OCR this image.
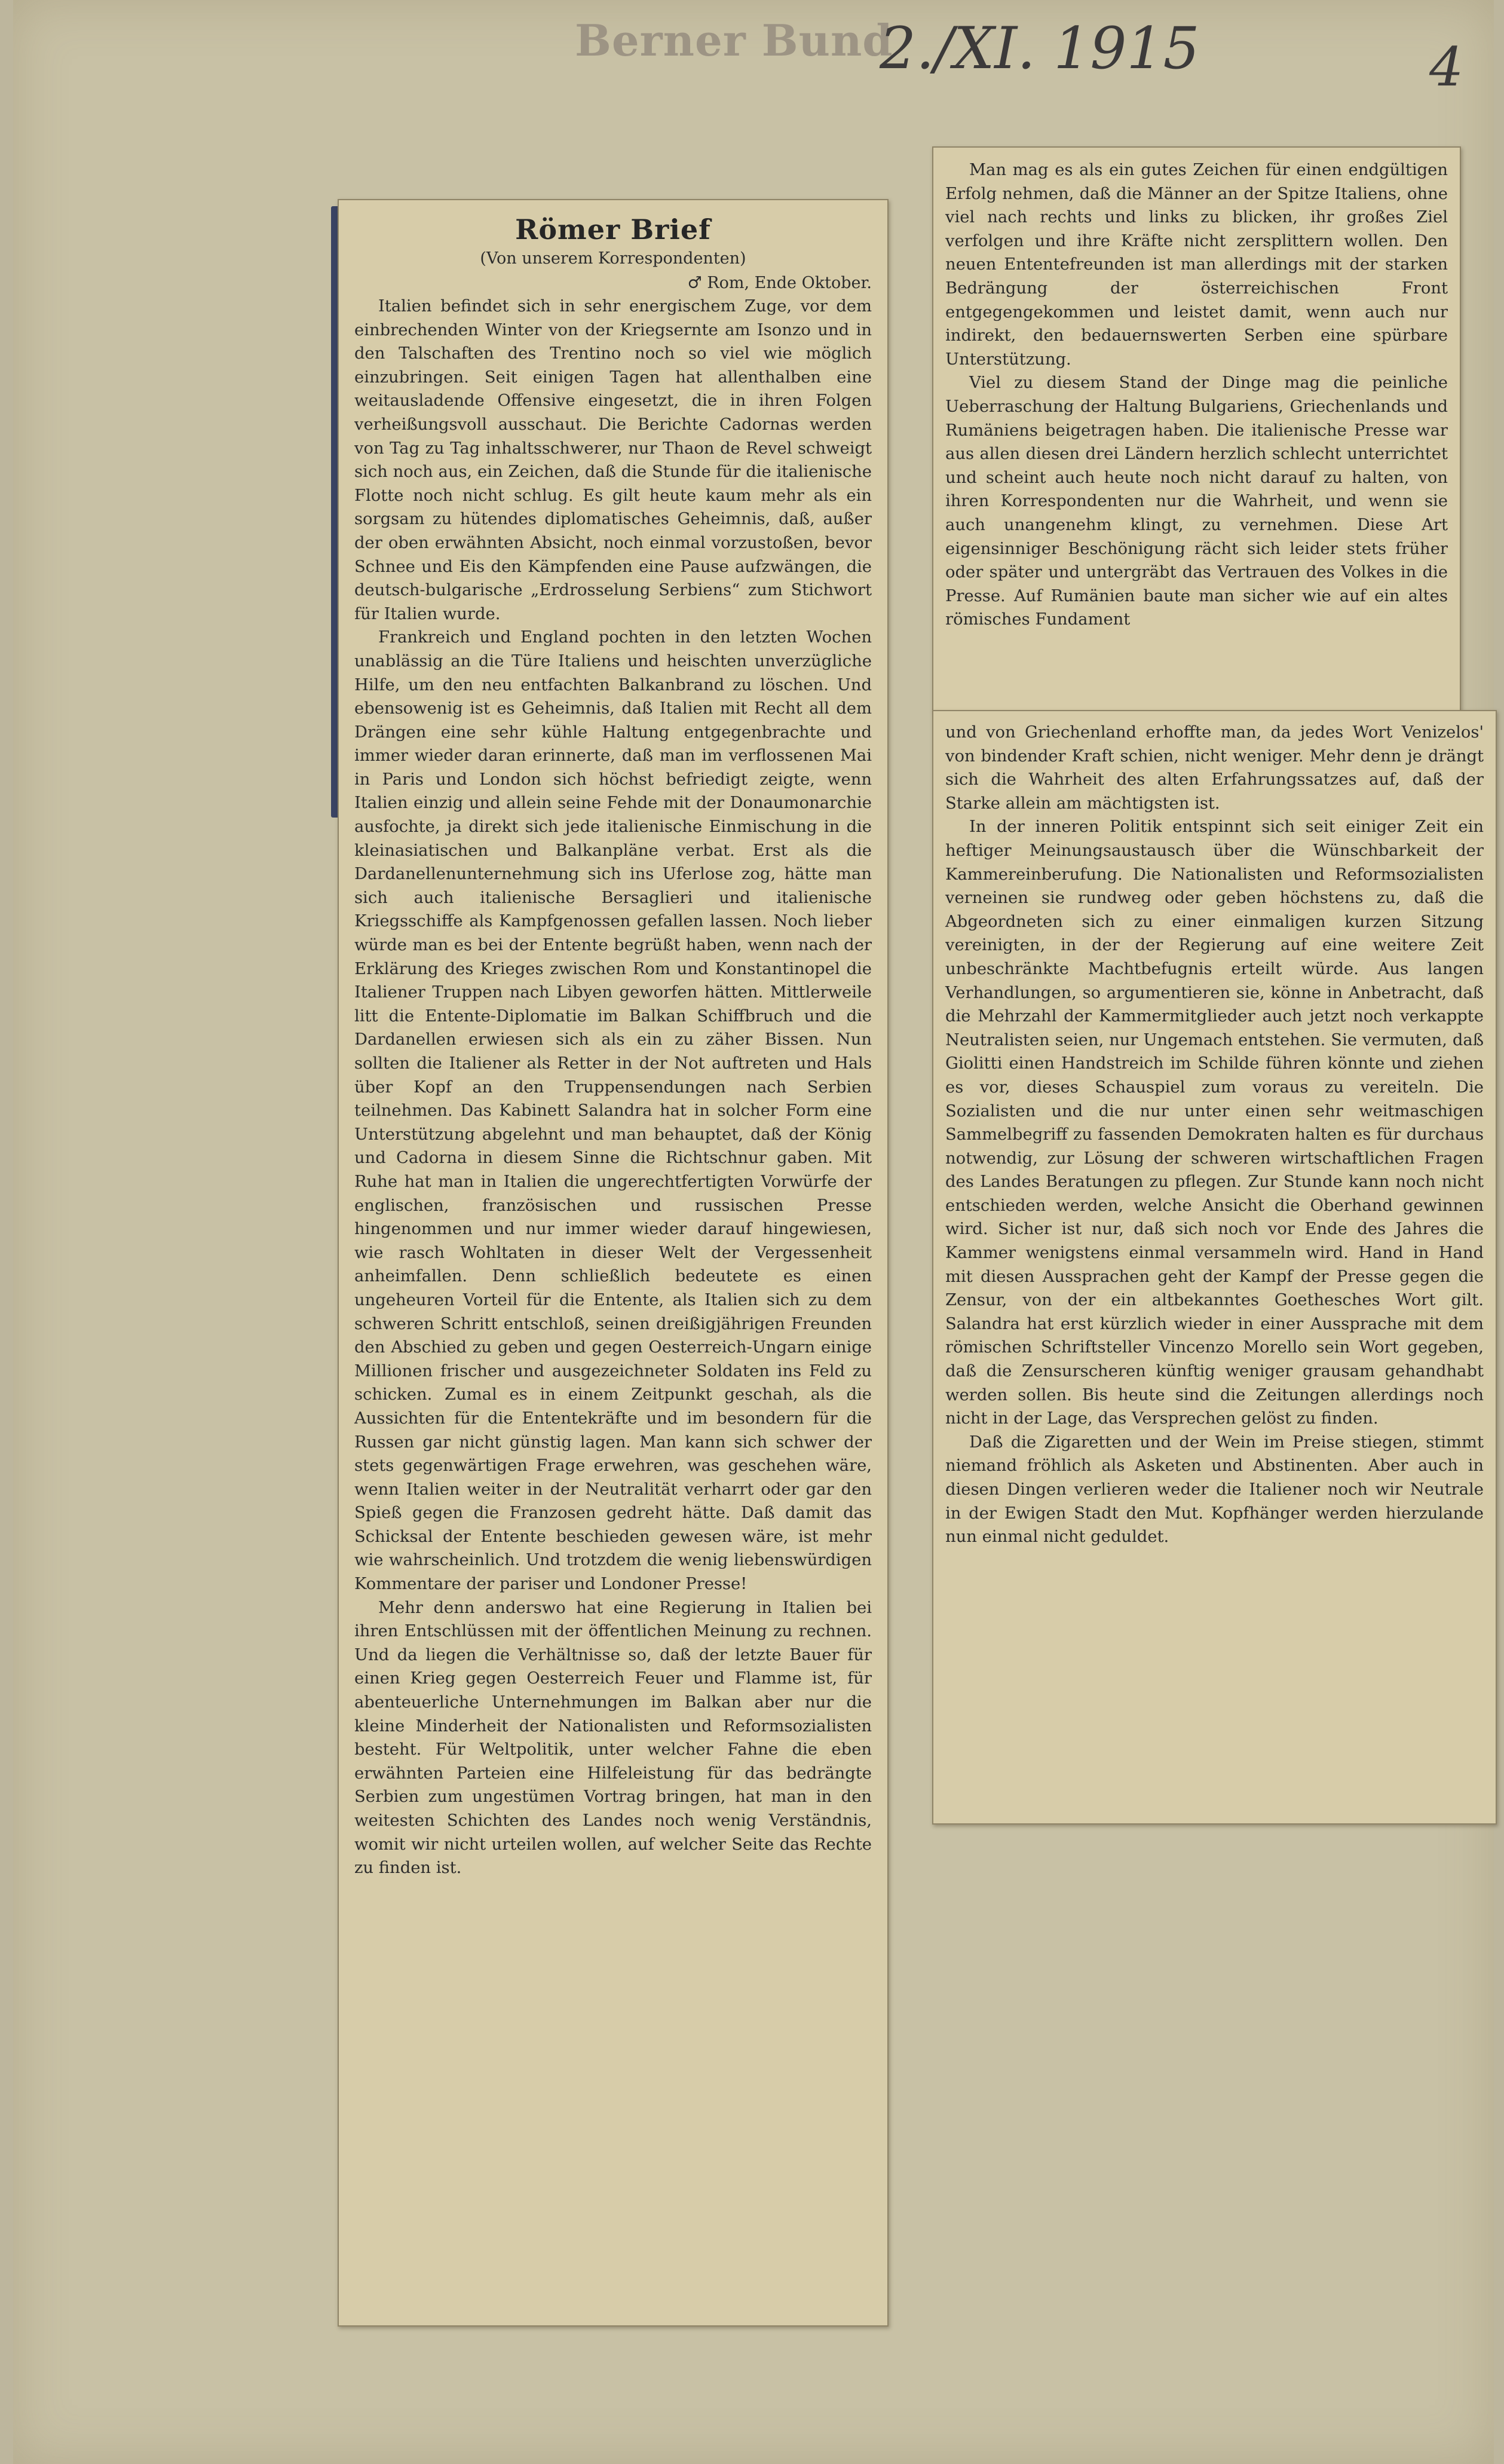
Berner Bund
2./XI. 1915	4
Römer Brief
(Von unserem Korrespondenten)
♂ Rom, Ende Oktober.

Italien befindet sich in sehr energischem Zuge, vor dem einbrechenden Winter von der Kriegsernte am Isonzo und in den Talschaften des Trentino noch so viel wie möglich einzubringen. Seit einigen Tagen hat allenthalben eine weitausladende Offensive eingesetzt, die in ihren Folgen verheißungsvoll ausschaut. Die Berichte Cadornas werden von Tag zu Tag inhaltsschwerer, nur Thaon de Revel schweigt sich noch aus, ein Zeichen, daß die Stunde für die italienische Flotte noch nicht schlug. Es gilt heute kaum mehr als ein sorgsam zu hütendes diplomatisches Geheimnis, daß, außer der oben erwähnten Absicht, noch einmal vorzustoßen, bevor Schnee und Eis den Kämpfenden eine Pause aufzwängen, die deutsch-bulgarische „Erdrosselung Serbiens“ zum Stichwort für Italien wurde.

Frankreich und England pochten in den letzten Wochen unablässig an die Türe Italiens und heischten unverzügliche Hilfe, um den neu entfachten Balkanbrand zu löschen. Und ebensowenig ist es Geheimnis, daß Italien mit Recht all dem Drängen eine sehr kühle Haltung entgegenbrachte und immer wieder daran erinnerte, daß man im verflossenen Mai in Paris und London sich höchst befriedigt zeigte, wenn Italien einzig und allein seine Fehde mit der Donaumonarchie ausfochte, ja direkt sich jede italienische Einmischung in die kleinasiatischen und Balkanpläne verbat. Erst als die Dardanellenunternehmung sich ins Uferlose zog, hätte man sich auch italienische Bersaglieri und italienische Kriegsschiffe als Kampfgenossen gefallen lassen. Noch lieber würde man es bei der Entente begrüßt haben, wenn nach der Erklärung des Krieges zwischen Rom und Konstantinopel die Italiener Truppen nach Libyen geworfen hätten. Mittlerweile litt die Entente-Diplomatie im Balkan Schiffbruch und die Dardanellen erwiesen sich als ein zu zäher Bissen. Nun sollten die Italiener als Retter in der Not auftreten und Hals über Kopf an den Truppensendungen nach Serbien teilnehmen. Das Kabinett Salandra hat in solcher Form eine Unterstützung abgelehnt und man behauptet, daß der König und Cadorna in diesem Sinne die Richtschnur gaben. Mit Ruhe hat man in Italien die ungerechtfertigten Vorwürfe der englischen, französischen und russischen Presse hingenommen und nur immer wieder darauf hingewiesen, wie rasch Wohltaten in dieser Welt der Vergessenheit anheimfallen. Denn schließlich bedeutete es einen ungeheuren Vorteil für die Entente, als Italien sich zu dem schweren Schritt entschloß, seinen dreißigjährigen Freunden den Abschied zu geben und gegen Oesterreich-Ungarn einige Millionen frischer und ausgezeichneter Soldaten ins Feld zu schicken. Zumal es in einem Zeitpunkt geschah, als die Aussichten für die Ententekräfte und im besondern für die Russen gar nicht günstig lagen. Man kann sich schwer der stets gegenwärtigen Frage erwehren, was geschehen wäre, wenn Italien weiter in der Neutralität verharrt oder gar den Spieß gegen die Franzosen gedreht hätte. Daß damit das Schicksal der Entente beschieden gewesen wäre, ist mehr wie wahrscheinlich. Und trotzdem die wenig liebenswürdigen Kommentare der pariser und Londoner Presse!

Mehr denn anderswo hat eine Regierung in Italien bei ihren Entschlüssen mit der öffentlichen Meinung zu rechnen. Und da liegen die Verhältnisse so, daß der letzte Bauer für einen Krieg gegen Oesterreich Feuer und Flamme ist, für abenteuerliche Unternehmungen im Balkan aber nur die kleine Minderheit der Nationalisten und Reformsozialisten besteht. Für Weltpolitik, unter welcher Fahne die eben erwähnten Parteien eine Hilfeleistung für das bedrängte Serbien zum ungestümen Vortrag bringen, hat man in den weitesten Schichten des Landes noch wenig Verständnis, womit wir nicht urteilen wollen, auf welcher Seite das Rechte zu finden ist.

Man mag es als ein gutes Zeichen für einen endgültigen Erfolg nehmen, daß die Männer an der Spitze Italiens, ohne viel nach rechts und links zu blicken, ihr großes Ziel verfolgen und ihre Kräfte nicht zersplittern wollen. Den neuen Ententefreunden ist man allerdings mit der starken Bedrängung der österreichischen Front entgegengekommen und leistet damit, wenn auch nur indirekt, den bedauernswerten Serben eine spürbare Unterstützung.

Viel zu diesem Stand der Dinge mag die peinliche Ueberraschung der Haltung Bulgariens, Griechenlands und Rumäniens beigetragen haben. Die italienische Presse war aus allen diesen drei Ländern herzlich schlecht unterrichtet und scheint auch heute noch nicht darauf zu halten, von ihren Korrespondenten nur die Wahrheit, und wenn sie auch unangenehm klingt, zu vernehmen. Diese Art eigensinniger Beschönigung rächt sich leider stets früher oder später und untergräbt das Vertrauen des Volkes in die Presse. Auf Rumänien baute man sicher wie auf ein altes römisches Fundament

und von Griechenland erhoffte man, da jedes Wort Venizelos' von bindender Kraft schien, nicht weniger. Mehr denn je drängt sich die Wahrheit des alten Erfahrungssatzes auf, daß der Starke allein am mächtigsten ist.

In der inneren Politik entspinnt sich seit einiger Zeit ein heftiger Meinungsaustausch über die Wünschbarkeit der Kammereinberufung. Die Nationalisten und Reformsozialisten verneinen sie rundweg oder geben höchstens zu, daß die Abgeordneten sich zu einer einmaligen kurzen Sitzung vereinigten, in der der Regierung auf eine weitere Zeit unbeschränkte Machtbefugnis erteilt würde. Aus langen Verhandlungen, so argumentieren sie, könne in Anbetracht, daß die Mehrzahl der Kammermitglieder auch jetzt noch verkappte Neutralisten seien, nur Ungemach entstehen. Sie vermuten, daß Giolitti einen Handstreich im Schilde führen könnte und ziehen es vor, dieses Schauspiel zum voraus zu vereiteln. Die Sozialisten und die nur unter einen sehr weitmaschigen Sammelbegriff zu fassenden Demokraten halten es für durchaus notwendig, zur Lösung der schweren wirtschaftlichen Fragen des Landes Beratungen zu pflegen. Zur Stunde kann noch nicht entschieden werden, welche Ansicht die Oberhand gewinnen wird. Sicher ist nur, daß sich noch vor Ende des Jahres die Kammer wenigstens einmal versammeln wird. Hand in Hand mit diesen Aussprachen geht der Kampf der Presse gegen die Zensur, von der ein altbekanntes Goethesches Wort gilt. Salandra hat erst kürzlich wieder in einer Aussprache mit dem römischen Schriftsteller Vincenzo Morello sein Wort gegeben, daß die Zensurscheren künftig weniger grausam gehandhabt werden sollen. Bis heute sind die Zeitungen allerdings noch nicht in der Lage, das Versprechen gelöst zu finden.

Daß die Zigaretten und der Wein im Preise stiegen, stimmt niemand fröhlich als Asketen und Abstinenten. Aber auch in diesen Dingen verlieren weder die Italiener noch wir Neutrale in der Ewigen Stadt den Mut. Kopfhänger werden hierzulande nun einmal nicht geduldet.
